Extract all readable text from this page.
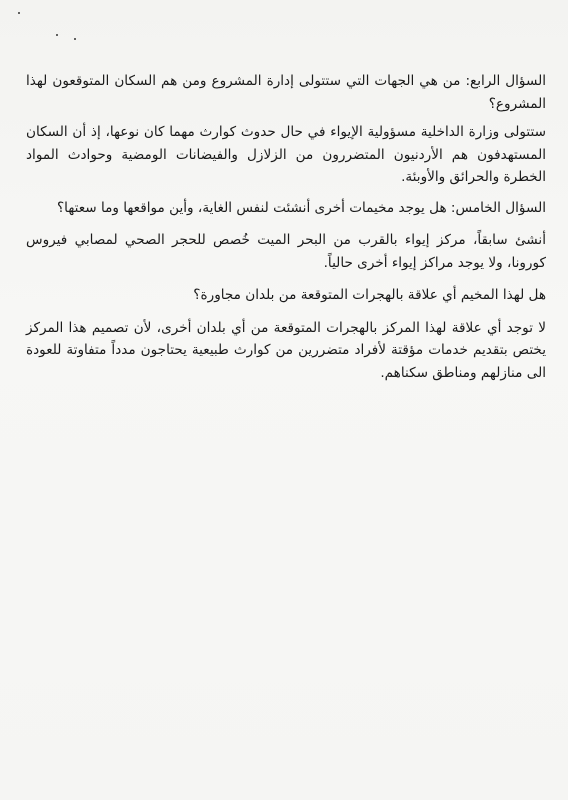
السؤال الرابع: من هي الجهات التي ستتولى إدارة المشروع ومن هم السكان المتوقعون لهذا المشروع؟

ستتولى وزارة الداخلية مسؤولية الإيواء في حال حدوث كوارث مهما كان نوعها، إذ أن السكان المستهدفون هم الأردنيون المتضررون من الزلازل والفيضانات الومضية وحوادث المواد الخطرة والحرائق والأوبئة.

السؤال الخامس: هل يوجد مخيمات أخرى أنشئت لنفس الغاية، وأين مواقعها وما سعتها؟

أنشئ سابقاً، مركز إيواء بالقرب من البحر الميت خُصص للحجر الصحي لمصابي فيروس كورونا، ولا يوجد مراكز إيواء أخرى حالياً.

هل لهذا المخيم أي علاقة بالهجرات المتوقعة من بلدان مجاورة؟

لا توجد أي علاقة لهذا المركز بالهجرات المتوقعة من أي بلدان أخرى، لأن تصميم هذا المركز يختص بتقديم خدمات مؤقتة لأفراد متضررين من كوارث طبيعية يحتاجون مدداً متفاوتة للعودة الى منازلهم ومناطق سكناهم.
